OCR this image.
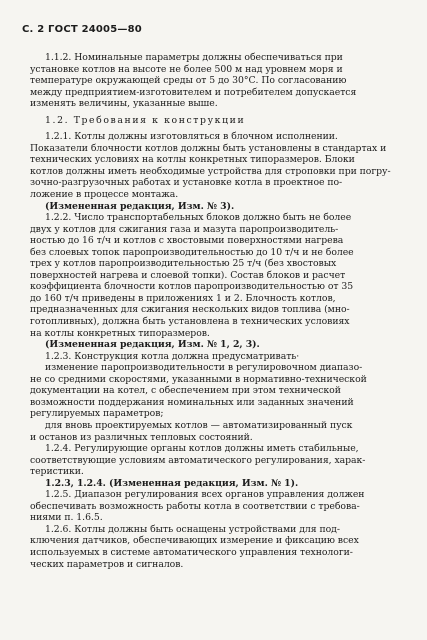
С. 2 ГОСТ 24005—80
1.1.2. Номинальные параметры должны обеспечиваться при
установке котлов на высоте не более 500 м над уровнем моря и
температуре окружающей среды от 5 до 30°С. По согласованию
между предприятием-изготовителем и потребителем допускается
изменять величины, указанные выше.
1.2. Требования к конструкции
1.2.1. Котлы должны изготовляться в блочном исполнении.
Показатели блочности котлов должны быть установлены в стандартах и
технических условиях на котлы конкретных типоразмеров. Блоки
котлов должны иметь необходимые устройства для строповки при погру-
зочно-разгрузочных работах и установке котла в проектное по-
ложение в процессе монтажа.
(Измененная редакция, Изм. № 3).
1.2.2. Число транспортабельных блоков должно быть не более
двух у котлов для сжигания газа и мазута паропроизводитель-
ностью до 16 т/ч и котлов с хвостовыми поверхностями нагрева
без слоевых топок паропроизводительностью до 10 т/ч и не более
трех у котлов паропроизводительностью 25 т/ч (без хвостовых
поверхностей нагрева и слоевой топки). Состав блоков и расчет
коэффициента блочности котлов паропроизводительностью от 35
до 160 т/ч приведены в приложениях 1 и 2. Блочность котлов,
предназначенных для сжигания нескольких видов топлива (мно-
готопливных), должна быть установлена в технических условиях
на котлы конкретных типоразмеров.
(Измененная редакция, Изм. № 1, 2, 3).
1.2.3. Конструкция котла должна предусматривать·
изменение паропроизводительности в регулировочном диапазо-
не со средними скоростями, указанными в нормативно-технической
документации на котел, с обеспечением при этом технической
возможности поддержания номинальных или заданных значений
регулируемых параметров;
для вновь проектируемых котлов — автоматизированный пуск
и останов из различных тепловых состояний.
1.2.4. Регулирующие органы котлов должны иметь стабильные,
соответствующие условиям автоматического регулирования, харак-
теристики.
1.2.3, 1.2.4. (Измененная редакция, Изм. № 1).
1.2.5. Диапазон регулирования всех органов управления должен
обеспечивать возможность работы котла в соответствии с требова-
ниями п. 1.6.5.
1.2.6. Котлы должны быть оснащены устройствами для под-
ключения датчиков, обеспечивающих измерение и фиксацию всех
используемых в системе автоматического управления технологи-
ческих параметров и сигналов.
